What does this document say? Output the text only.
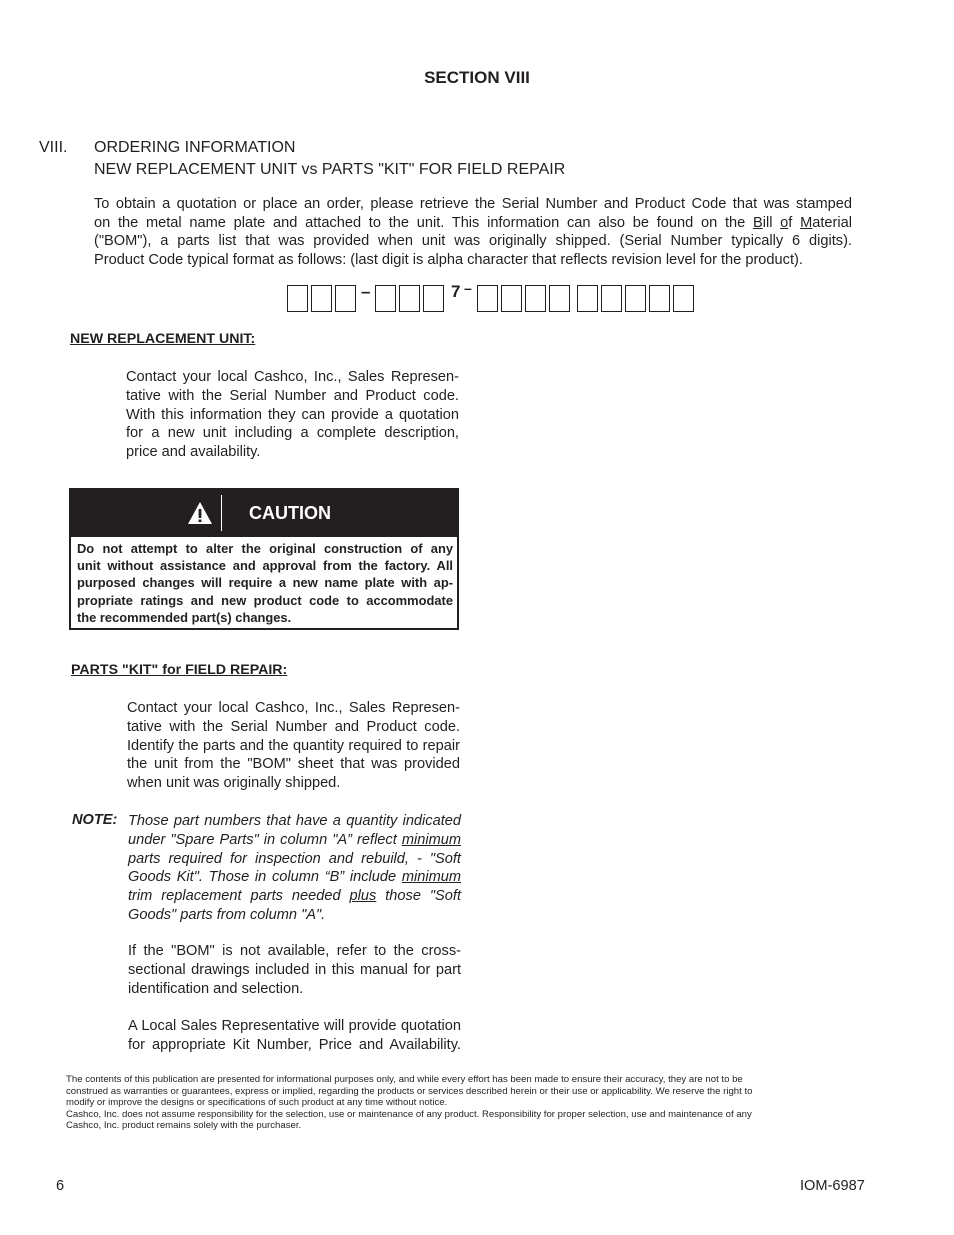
SECTION VIII
VIII. ORDERING INFORMATION
NEW REPLACEMENT UNIT vs PARTS "KIT" FOR FIELD REPAIR
To obtain a quotation or place an order, please retrieve the Serial Number and Product Code that was stamped
on the metal name plate and attached to the unit. This information can also be found on the Bill of Material
("BOM"), a parts list that was provided when unit was originally shipped. (Serial Number typically 6 digits).
Product Code typical format as follows: (last digit is alpha character that reflects revision level for the product).
–	7 –
NEW REPLACEMENT UNIT:
Contact your local Cashco, Inc., Sales Represen-
tative with the Serial Number and Product code.
With this information they can provide a quotation
for a new unit including a complete description,
price and availability.
CAUTION
Do not attempt to alter the original construction of any
unit without assistance and approval from the factory. All
purposed changes will require a new name plate with ap-
propriate ratings and new product code to accommodate
the recommended part(s) changes.
PARTS "KIT" for FIELD REPAIR:
Contact your local Cashco, Inc., Sales Represen-
tative with the Serial Number and Product code.
Identify the parts and the quantity required to repair
the unit from the "BOM" sheet that was provided
when unit was originally shipped.
NOTE: Those part numbers that have a quantity indicated
under "Spare Parts" in column "A” reflect minimum
parts required for inspection and rebuild, - "Soft
Goods Kit". Those in column “B” include minimum
trim replacement parts needed plus those "Soft
Goods" parts from column "A".
If the "BOM" is not available, refer to the cross-
sectional drawings included in this manual for part
identification and selection.
A Local Sales Representative will provide quotation
for appropriate Kit Number, Price and Availability.
The contents of this publication are presented for informational purposes only, and while every effort has been made to ensure their accuracy, they are not to be
construed as warranties or guarantees, express or implied, regarding the products or services described herein or their use or applicability. We reserve the right to
modify or improve the designs or specifications of such product at any time without notice.
Cashco, Inc. does not assume responsibility for the selection, use or maintenance of any product. Responsibility for proper selection, use and maintenance of any
Cashco, Inc. product remains solely with the purchaser.
6	IOM-6987
